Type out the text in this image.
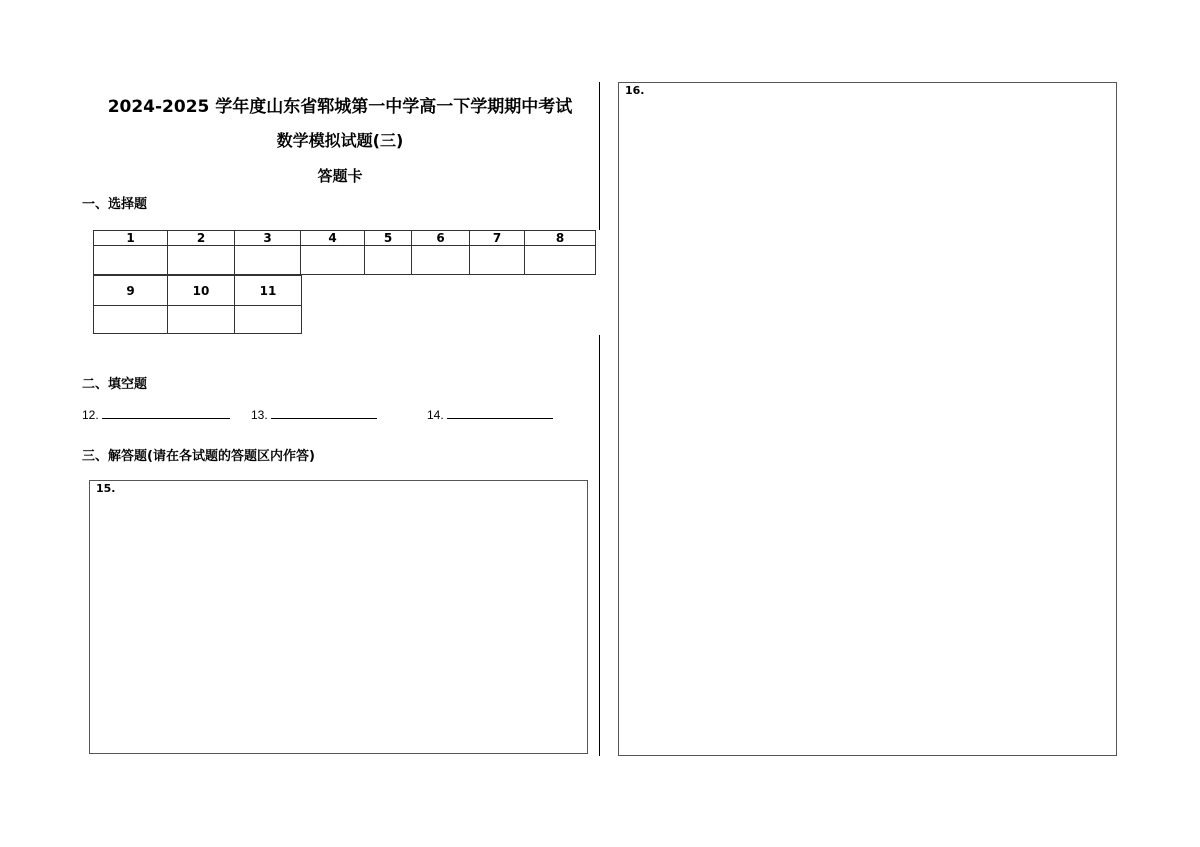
2024-2025 学年度山东省郓城第一中学高一下学期期中考试
数学模拟试题(三)
答题卡
一、选择题
1	2	3	4	5	6	7	8

9	10	11

二、填空题
12.	13.	14.
三、解答题(请在各试题的答题区内作答)
15.
16.
